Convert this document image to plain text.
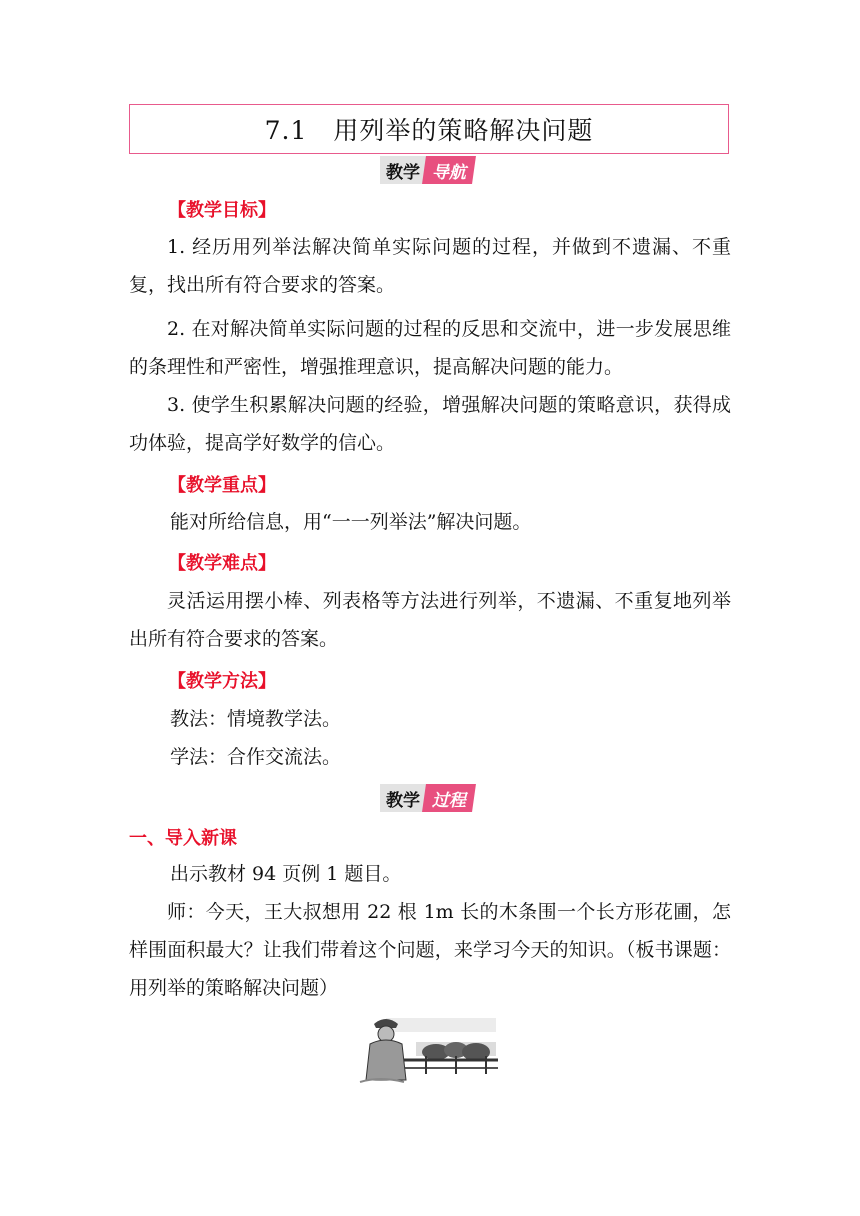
7.1　用列举的策略解决问题
教学 导航
【教学目标】
1. 经历用列举法解决简单实际问题的过程，并做到不遗漏、不重复，找出所有符合要求的答案。
2. 在对解决简单实际问题的过程的反思和交流中，进一步发展思维的条理性和严密性，增强推理意识，提高解决问题的能力。
3. 使学生积累解决问题的经验，增强解决问题的策略意识，获得成功体验，提高学好数学的信心。
【教学重点】
能对所给信息，用“一一列举法”解决问题。
【教学难点】
灵活运用摆小棒、列表格等方法进行列举，不遗漏、不重复地列举出所有符合要求的答案。
【教学方法】
教法：情境教学法。
学法：合作交流法。
教学 过程
一、导入新课
出示教材 94 页例 1 题目。
师：今天，王大叔想用 22 根 1m 长的木条围一个长方形花圃，怎样围面积最大？让我们带着这个问题，来学习今天的知识。（板书课题：用列举的策略解决问题）
